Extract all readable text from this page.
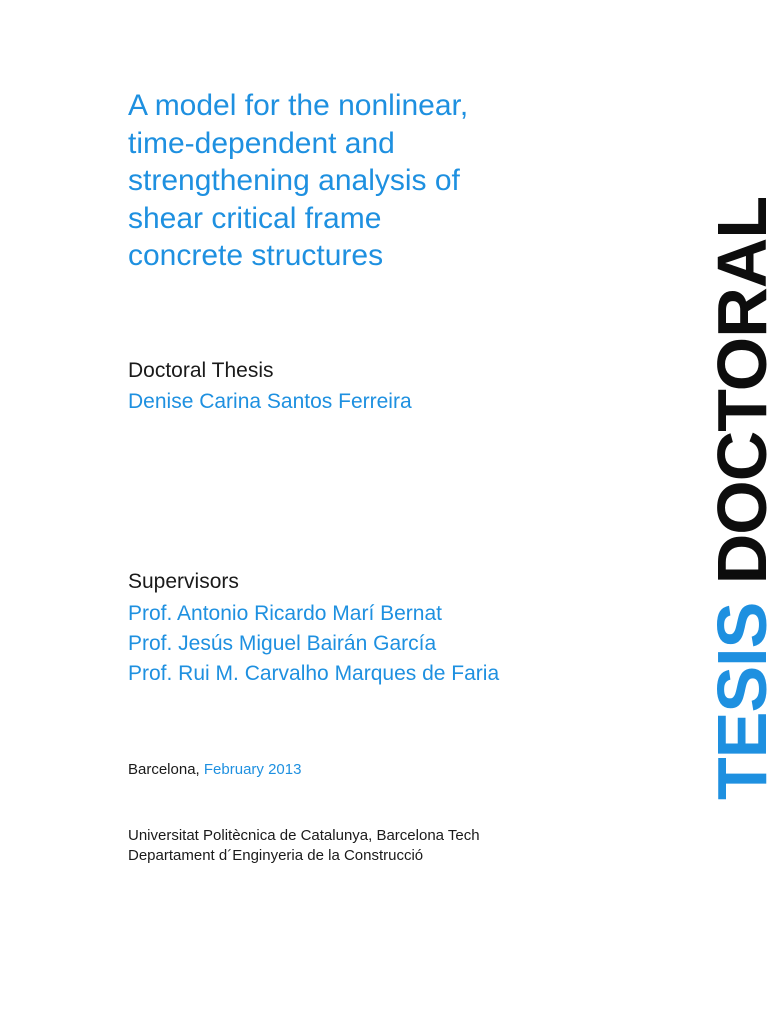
A model for the nonlinear,
time-dependent and
strengthening analysis of
shear critical frame
concrete structures
Doctoral Thesis
Denise Carina Santos Ferreira
Supervisors
Prof. Antonio Ricardo Marí Bernat
Prof. Jesús Miguel Bairán García
Prof. Rui M. Carvalho Marques de Faria
Barcelona, February 2013
Universitat Politècnica de Catalunya, Barcelona Tech
Departament d´Enginyeria de la Construcció
TESIS DOCTORAL
